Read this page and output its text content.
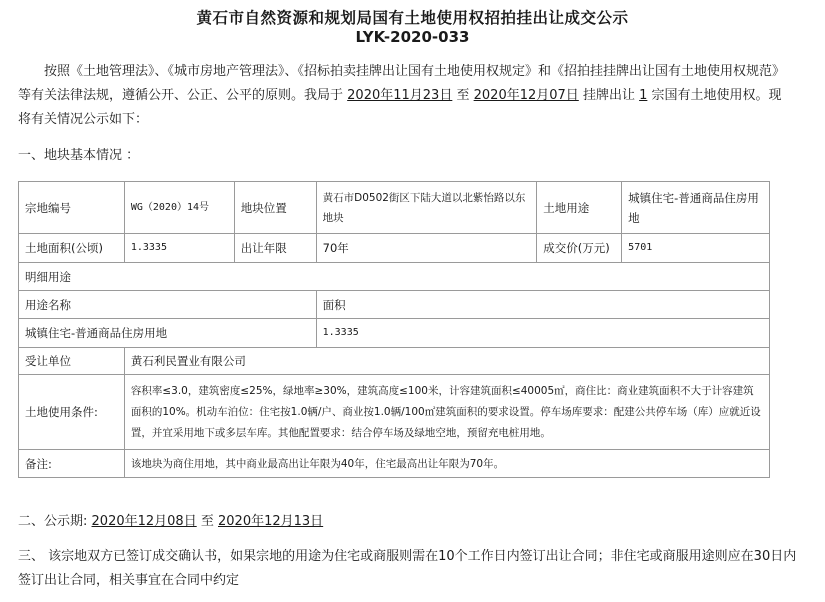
黄石市自然资源和规划局国有土地使用权招拍挂出让成交公示
LYK-2020-033
按照《土地管理法》、《城市房地产管理法》、《招标拍卖挂牌出让国有土地使用权规定》和《招拍挂挂牌出让国有土地使用权规范》等有关法律法规，遵循公开、公正、公平的原则。我局于 2020年11月23日 至 2020年12月07日 挂牌出让 1 宗国有土地使用权。现将有关情况公示如下：
一、地块基本情况 ：
宗地编号	WG（2020）14号	地块位置	黄石市D0502街区下陆大道以北紫怡路以东地块	土地用途	城镇住宅-普通商品住房用地
土地面积(公顷)	1.3335	出让年限	70年	成交价(万元)	5701
明细用途					
用途名称			面积		
城镇住宅-普通商品住房用地			1.3335		
受让单位	黄石利民置业有限公司				
土地使用条件:	容积率≤3.0，建筑密度≤25%，绿地率≥30%，建筑高度≤100米，计容建筑面积≤40005㎡，商住比：商业建筑面积不大于计容建筑面积的10%。机动车泊位：住宅按1.0辆/户、商业按1.0辆/100㎡建筑面积的要求设置。停车场库要求：配建公共停车场（库）应就近设置，并宜采用地下或多层车库。其他配置要求：结合停车场及绿地空地，预留充电桩用地。				
备注:	该地块为商住用地，其中商业最高出让年限为40年，住宅最高出让年限为70年。				
二、公示期: 2020年12月08日 至 2020年12月13日
三、 该宗地双方已签订成交确认书，如果宗地的用途为住宅或商服则需在10个工作日内签订出让合同；非住宅或商服用途则应在30日内签订出让合同，相关事宜在合同中约定
